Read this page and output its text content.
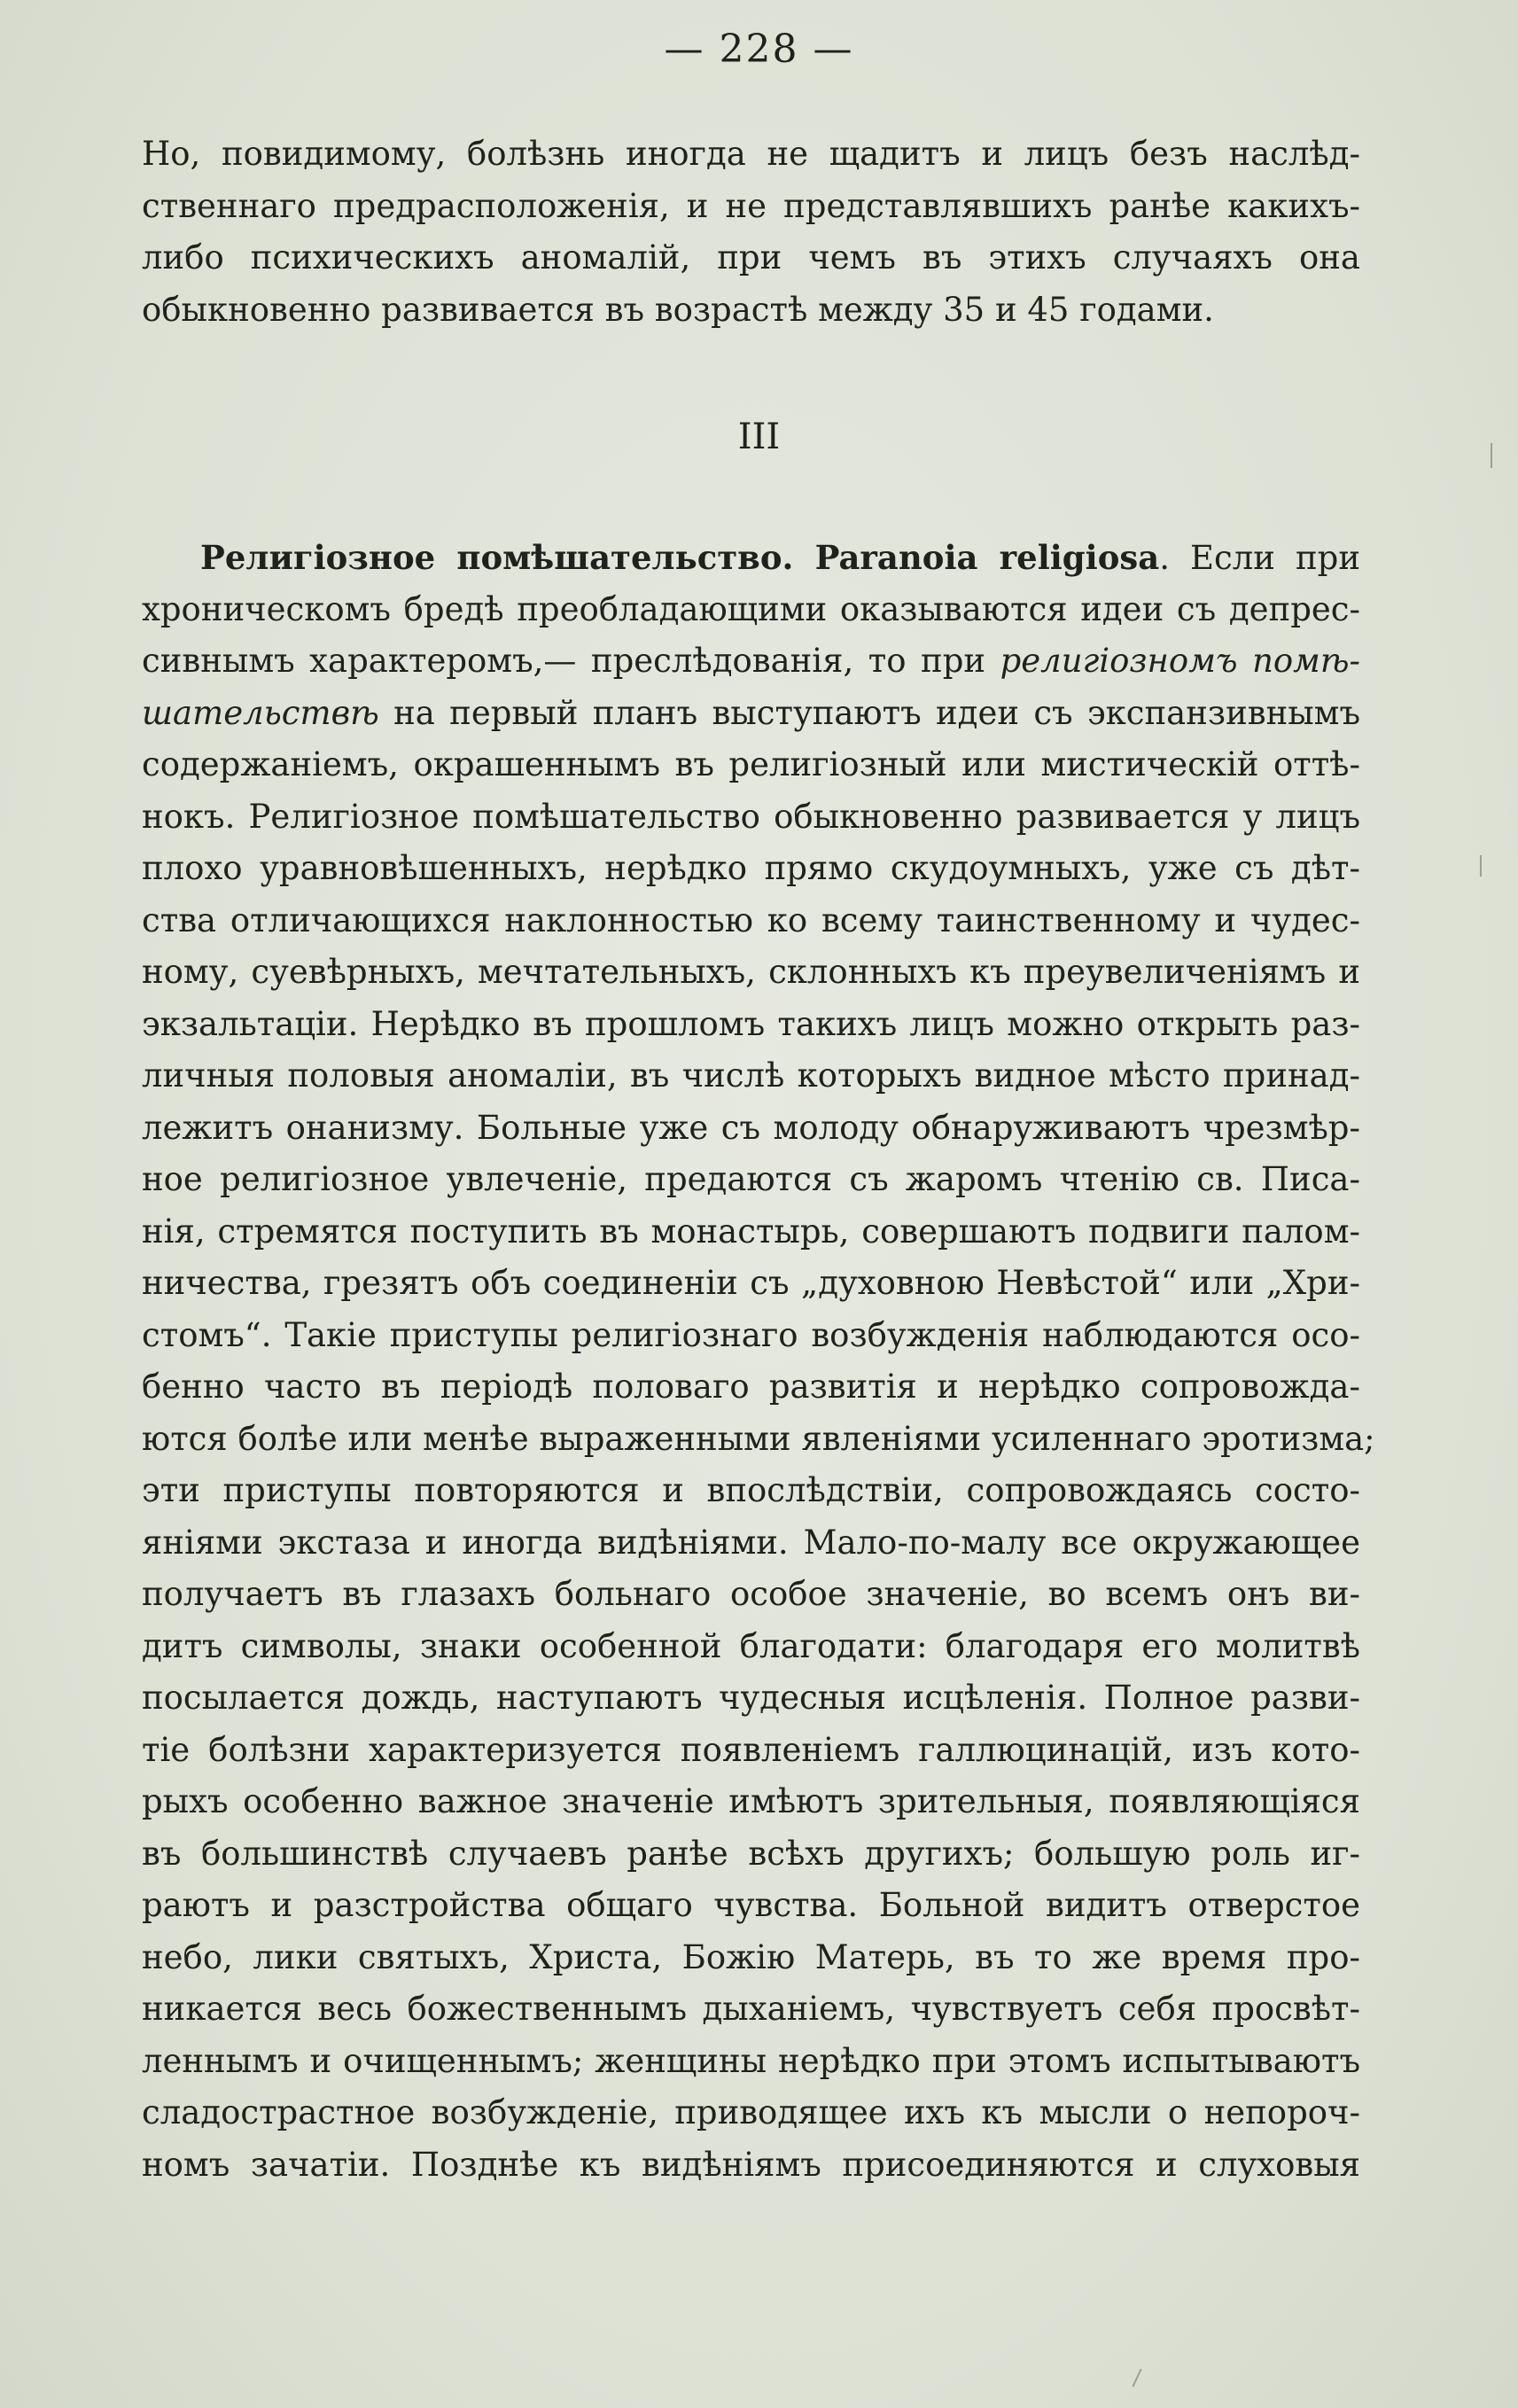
— 228 —
Но, повидимому, болѣзнь иногда не щадитъ и лицъ безъ наслѣд-
ственнаго предрасположенія, и не представлявшихъ ранѣе какихъ-
либо психическихъ аномалій, при чемъ въ этихъ случаяхъ она
обыкновенно развивается въ возрастѣ между 35 и 45 годами.
III
Религіозное помѣшательство. Paranoia religiosa. Если при
хроническомъ бредѣ преобладающими оказываются идеи съ депрес-
сивнымъ характеромъ,— преслѣдованія, то при религіозномъ помѣ-
шательствѣ на первый планъ выступаютъ идеи съ экспанзивнымъ
содержаніемъ, окрашеннымъ въ религіозный или мистическій оттѣ-
нокъ. Религіозное помѣшательство обыкновенно развивается у лицъ
плохо уравновѣшенныхъ, нерѣдко прямо скудоумныхъ, уже съ дѣт-
ства отличающихся наклонностью ко всему таинственному и чудес-
ному, суевѣрныхъ, мечтательныхъ, склонныхъ къ преувеличеніямъ и
экзальтаціи. Нерѣдко въ прошломъ такихъ лицъ можно открыть раз-
личныя половыя аномаліи, въ числѣ которыхъ видное мѣсто принад-
лежитъ онанизму. Больные уже съ молоду обнаруживаютъ чрезмѣр-
ное религіозное увлеченіе, предаются съ жаромъ чтенію св. Писа-
нія, стремятся поступить въ монастырь, совершаютъ подвиги палом-
ничества, грезятъ объ соединеніи съ „духовною Невѣстой“ или „Хри-
стомъ“. Такіе приступы религіознаго возбужденія наблюдаются осо-
бенно часто въ періодѣ половаго развитія и нерѣдко сопровожда-
ются болѣе или менѣе выраженными явленіями усиленнаго эротизма;
эти приступы повторяются и впослѣдствіи, сопровождаясь состо-
яніями экстаза и иногда видѣніями. Мало-по-малу все окружающее
получаетъ въ глазахъ больнаго особое значеніе, во всемъ онъ ви-
дитъ символы, знаки особенной благодати: благодаря его молитвѣ
посылается дождь, наступаютъ чудесныя исцѣленія. Полное разви-
тіе болѣзни характеризуется появленіемъ галлюцинацій, изъ кото-
рыхъ особенно важное значеніе имѣютъ зрительныя, появляющіяся
въ большинствѣ случаевъ ранѣе всѣхъ другихъ; большую роль иг-
раютъ и разстройства общаго чувства. Больной видитъ отверстое
небо, лики святыхъ, Христа, Божію Матерь, въ то же время про-
никается весь божественнымъ дыханіемъ, чувствуетъ себя просвѣт-
леннымъ и очищеннымъ; женщины нерѣдко при этомъ испытываютъ
сладострастное возбужденіе, приводящее ихъ къ мысли о непороч-
номъ зачатіи. Позднѣе къ видѣніямъ присоединяются и слуховыя
